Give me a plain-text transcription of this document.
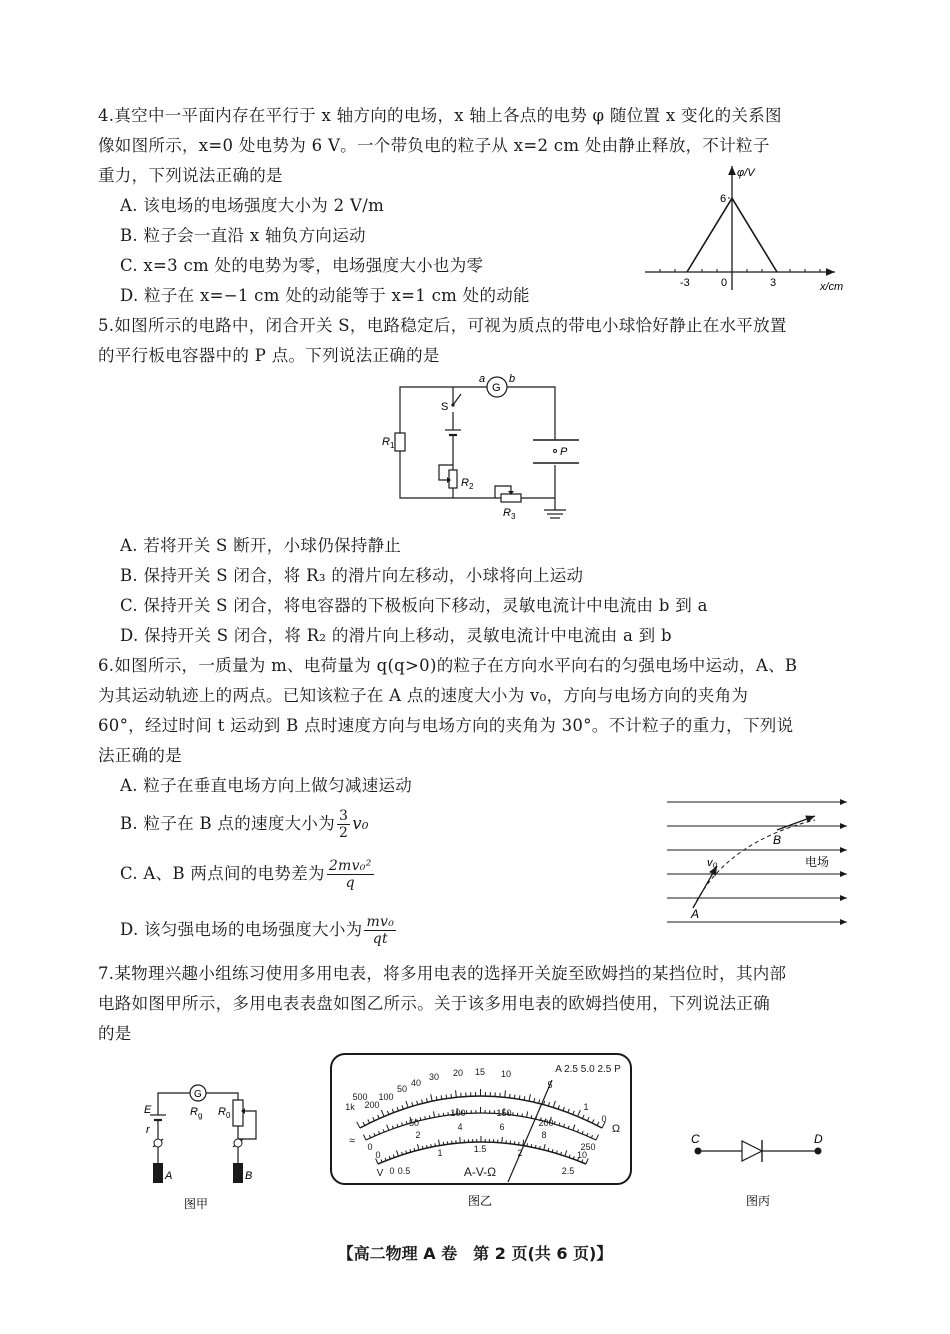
4.真空中一平面内存在平行于 x 轴方向的电场，x 轴上各点的电势 φ 随位置 x 变化的关系图
像如图所示，x=0 处电势为 6 V。一个带负电的粒子从 x=2 cm 处由静止释放，不计粒子
重力，下列说法正确的是
A. 该电场的电场强度大小为 2 V/m
B. 粒子会一直沿 x 轴负方向运动
C. x=3 cm 处的电势为零，电场强度大小也为零
D. 粒子在 x=−1 cm 处的动能等于 x=1 cm 处的动能
φ/V
6
-3	0	3	x/cm
5.如图所示的电路中，闭合开关 S，电路稳定后，可视为质点的带电小球恰好静止在水平放置
的平行板电容器中的 P 点。下列说法正确的是
G
a b
S
R 1
R 2
R 3
P
A. 若将开关 S 断开，小球仍保持静止
B. 保持开关 S 闭合，将 R₃ 的滑片向左移动，小球将向上运动
C. 保持开关 S 闭合，将电容器的下极板向下移动，灵敏电流计中电流由 b 到 a
D. 保持开关 S 闭合，将 R₂ 的滑片向上移动，灵敏电流计中电流由 a 到 b
6.如图所示，一质量为 m、电荷量为 q(q>0)的粒子在方向水平向右的匀强电场中运动，A、B
为其运动轨迹上的两点。已知该粒子在 A 点的速度大小为 v₀，方向与电场方向的夹角为
60°，经过时间 t 运动到 B 点时速度方向与电场方向的夹角为 30°。不计粒子的重力，下列说
法正确的是
A. 粒子在垂直电场方向上做匀减速运动
B. 粒子在 B 点的速度大小为 $\frac{3}{2} v_0$
C. A、B 两点间的电势差为 $\frac{\text{2mv₀²}}{q}$
D. 该匀强电场的电场强度大小为 $\frac{\text{mv₀}}{qt}$
B
A
v₀	电场
7.某物理兴趣小组练习使用多用电表，将多用电表的选择开关旋至欧姆挡的某挡位时，其内部
电路如图甲所示，多用电表表盘如图乙所示。关于该多用电表的欧姆挡使用，下列说法正确
的是
G
E
r
R g R 0
A	B
图甲
1k
500
200
100
50
40
30 20 15 10
5
1
0
Ω
0
50
100	150
200
250
0
2
4	6
8
10
0 0.5
1	1.5	2
2.5
A-V-Ω
A 2.5 5.0 2.5 P
≈
V
图乙
C	D
图丙
【高二物理 A 卷　第 2 页(共 6 页)】
